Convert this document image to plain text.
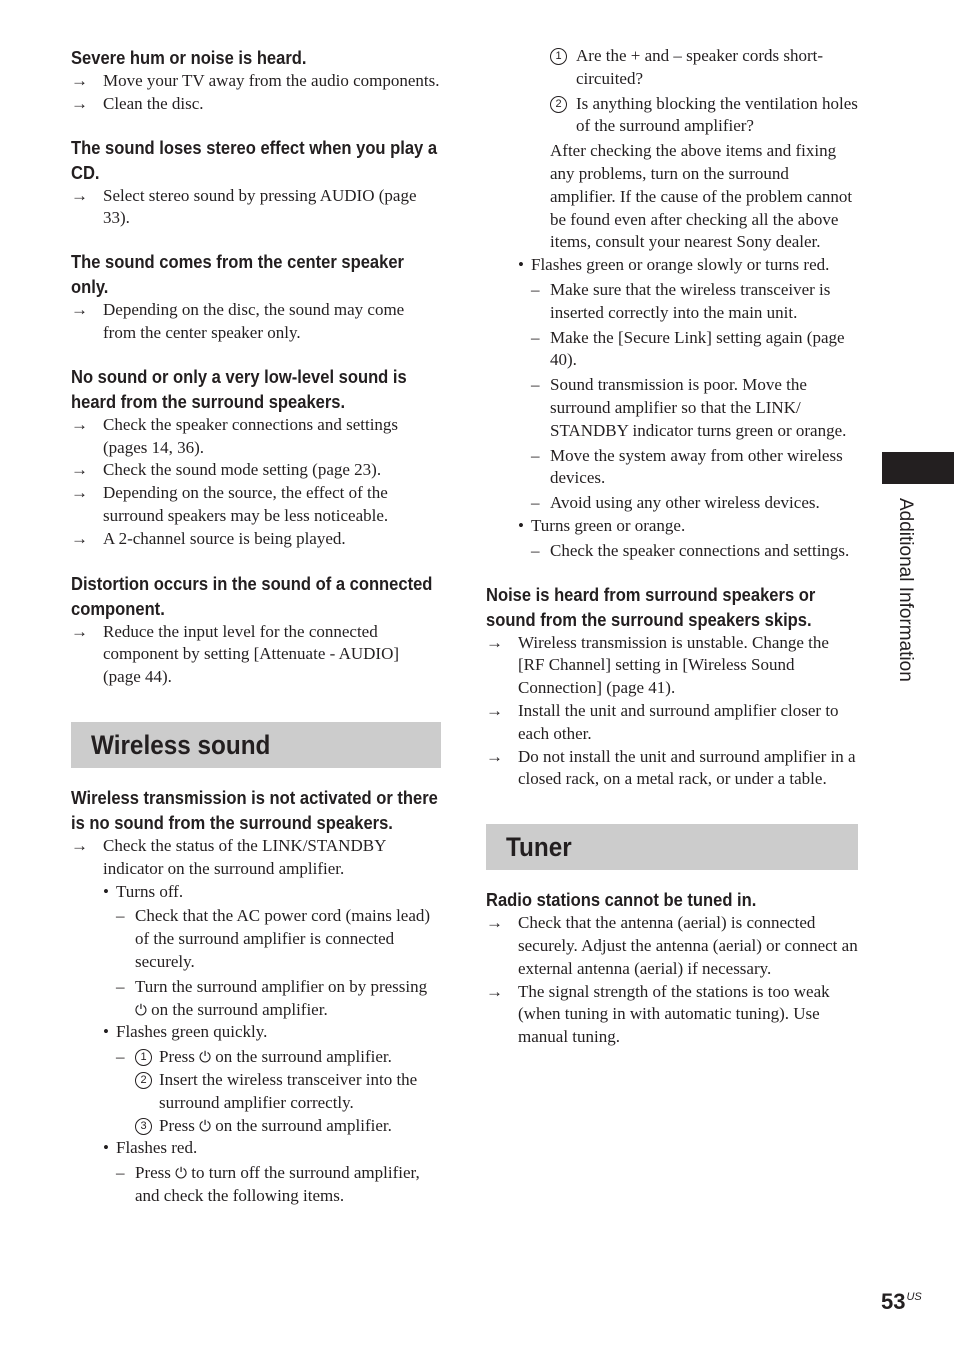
Severe hum or noise is heard.
→ Move your TV away from the audio components.
→ Clean the disc.
The sound loses stereo effect when you play a CD.
→ Select stereo sound by pressing AUDIO (page 33).
The sound comes from the center speaker only.
→ Depending on the disc, the sound may come from the center speaker only.
No sound or only a very low-level sound is heard from the surround speakers.
→ Check the speaker connections and settings (pages 14, 36).
→ Check the sound mode setting (page 23).
→ Depending on the source, the effect of the surround speakers may be less noticeable.
→ A 2-channel source is being played.
Distortion occurs in the sound of a connected component.
→ Reduce the input level for the connected component by setting [Attenuate - AUDIO] (page 44).
Wireless sound
Wireless transmission is not activated or there is no sound from the surround speakers.
→ Check the status of the LINK/STANDBY indicator on the surround amplifier.
• Turns off.
– Check that the AC power cord (mains lead) of the surround amplifier is connected securely.
– Turn the surround amplifier on by pressing ⏻ on the surround amplifier.
• Flashes green quickly.
–	1 Press ⏻ on the surround amplifier.
2 Insert the wireless transceiver into the surround amplifier correctly.
3 Press ⏻ on the surround amplifier.
• Flashes red.
– Press ⏻ to turn off the surround amplifier, and check the following items.
1 Are the + and – speaker cords short-circuited?
2 Is anything blocking the ventilation holes of the surround amplifier?
After checking the above items and fixing any problems, turn on the surround amplifier. If the cause of the problem cannot be found even after checking all the above items, consult your nearest Sony dealer.
• Flashes green or orange slowly or turns red.
– Make sure that the wireless transceiver is inserted correctly into the main unit.
– Make the [Secure Link] setting again (page 40).
– Sound transmission is poor. Move the surround amplifier so that the LINK/ STANDBY indicator turns green or orange.
– Move the system away from other wireless devices.
– Avoid using any other wireless devices.
• Turns green or orange.
– Check the speaker connections and settings.
Noise is heard from surround speakers or sound from the surround speakers skips.
→ Wireless transmission is unstable. Change the [RF Channel] setting in [Wireless Sound Connection] (page 41).
→ Install the unit and surround amplifier closer to each other.
→ Do not install the unit and surround amplifier in a closed rack, on a metal rack, or under a table.
Tuner
Radio stations cannot be tuned in.
→ Check that the antenna (aerial) is connected securely. Adjust the antenna (aerial) or connect an external antenna (aerial) if necessary.
→ The signal strength of the stations is too weak (when tuning in with automatic tuning). Use manual tuning.
Additional Information
$53^{US}$
